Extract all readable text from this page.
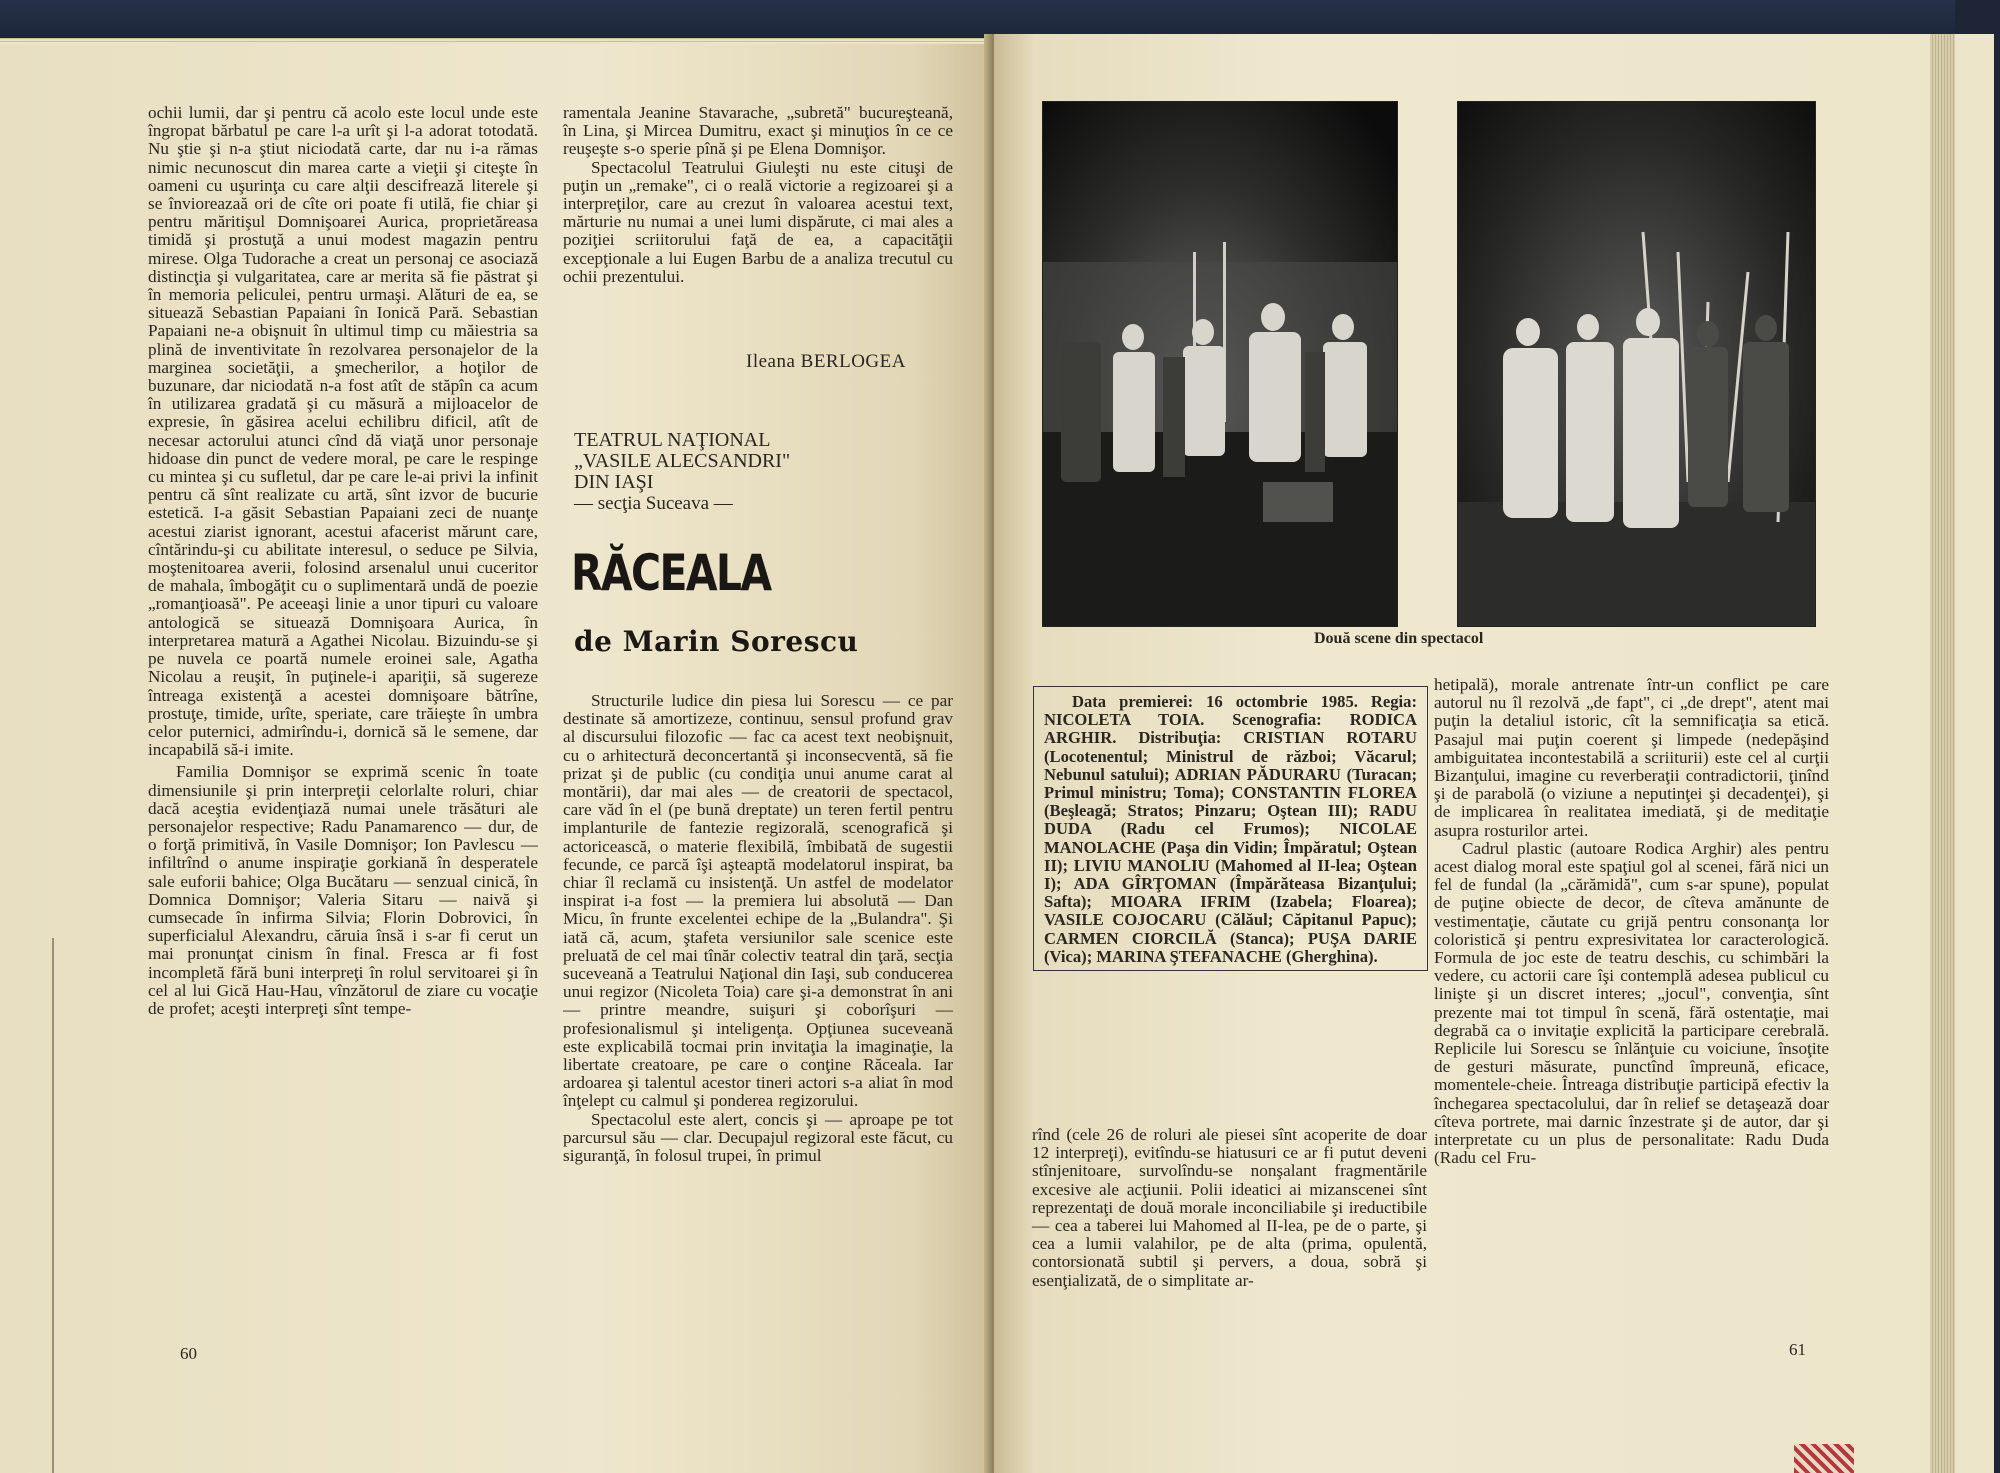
ochii lumii, dar şi pentru că acolo este locul unde este îngropat bărbatul pe care l-a urît şi l-a adorat totodată. Nu ştie şi n-a ştiut niciodată carte, dar nu i-a rămas nimic necunoscut din marea carte a vieţii şi citeşte în oameni cu uşurinţa cu care alţii descifrează literele şi se învioreazaă ori de cîte ori poate fi utilă, fie chiar şi pentru măritişul Domnişoarei Aurica, proprietăreasa timidă şi prostuţă a unui modest magazin pentru mirese. Olga Tudorache a creat un personaj ce asociază distincţia şi vulgaritatea, care ar merita să fie păstrat şi în memoria peliculei, pentru urmaşi. Alături de ea, se situează Sebastian Papaiani în Ionică Pară. Sebastian Papaiani ne-a obişnuit în ultimul timp cu măiestria sa plină de inventivitate în rezolvarea personajelor de la marginea societăţii, a şmecherilor, a hoţilor de buzunare, dar niciodată n-a fost atît de stăpîn ca acum în utilizarea gradată şi cu măsură a mijloacelor de expresie, în găsirea acelui echilibru dificil, atît de necesar actorului atunci cînd dă viaţă unor personaje hidoase din punct de vedere moral, pe care le respinge cu mintea şi cu sufletul, dar pe care le-ai privi la infinit pentru că sînt realizate cu artă, sînt izvor de bucurie estetică. I-a găsit Sebastian Papaiani zeci de nuanţe acestui ziarist ignorant, acestui afacerist mărunt care, cîntărindu-şi cu abilitate interesul, o seduce pe Silvia, moştenitoarea averii, folosind arsenalul unui cuceritor de mahala, îmbogăţit cu o suplimentară undă de poezie „romanţioasă". Pe aceeaşi linie a unor tipuri cu valoare antologică se situează Domnişoara Aurica, în interpretarea matură a Agathei Nicolau. Bizuindu-se şi pe nuvela ce poartă numele eroinei sale, Agatha Nicolau a reuşit, în puţinele-i apariţii, să sugereze întreaga existenţă a acestei domnişoare bătrîne, prostuţe, timide, urîte, speriate, care trăieşte în umbra celor puternici, admirîndu-i, dornică să le semene, dar incapabilă să-i imite.

Familia Domnişor se exprimă scenic în toate dimensiunile şi prin interpreţii celorlalte roluri, chiar dacă aceştia evidenţiază numai unele trăsături ale personajelor respective; Radu Panamarenco — dur, de o forţă primitivă, în Vasile Domnişor; Ion Pavlescu — infiltrînd o anume inspiraţie gorkiană în desperatele sale euforii bahice; Olga Bucătaru — senzual cinică, în Domnica Domnişor; Valeria Sitaru — naivă şi cumsecade în infirma Silvia; Florin Dobrovici, în superficialul Alexandru, căruia însă i s-ar fi cerut un mai pronunţat cinism în final. Fresca ar fi fost incompletă fără buni interpreţi în rolul servitoarei şi în cel al lui Gică Hau-Hau, vînzătorul de ziare cu vocaţie de profet; aceşti interpreţi sînt tempe-

ramentala Jeanine Stavarache, „subretă" bucureşteană, în Lina, şi Mircea Dumitru, exact şi minuţios în ce ce reuşeşte s-o sperie pînă şi pe Elena Domnişor.

Spectacolul Teatrului Giuleşti nu este cituşi de puţin un „remake", ci o reală victorie a regizoarei şi a interpreţilor, care au crezut în valoarea acestui text, mărturie nu numai a unei lumi dispărute, ci mai ales a poziţiei scriitorului faţă de ea, a capacităţii excepţionale a lui Eugen Barbu de a analiza trecutul cu ochii prezentului.

Ileana BERLOGEA
TEATRUL NAŢIONAL
„VASILE ALECSANDRI"
DIN IAŞI
— secţia Suceava —
RĂCEALA
de Marin Sorescu

Structurile ludice din piesa lui Sorescu — ce par destinate să amortizeze, continuu, sensul profund grav al discursului filozofic — fac ca acest text neobişnuit, cu o arhitectură deconcertantă şi inconsecventă, să fie prizat şi de public (cu condiţia unui anume carat al montării), dar mai ales — de creatorii de spectacol, care văd în el (pe bună dreptate) un teren fertil pentru implanturile de fantezie regizorală, scenografică şi actoricească, o materie flexibilă, îmbibată de sugestii fecunde, ce parcă îşi aşteaptă modelatorul inspirat, ba chiar îl reclamă cu insistenţă. Un astfel de modelator inspirat i-a fost — la premiera lui absolută — Dan Micu, în frunte excelentei echipe de la „Bulandra". Şi iată că, acum, ştafeta versiunilor sale scenice este preluată de cel mai tînăr colectiv teatral din ţară, secţia suceveană a Teatrului Naţional din Iaşi, sub conducerea unui regizor (Nicoleta Toia) care şi-a demonstrat în ani — printre meandre, suişuri şi coborîşuri — profesionalismul şi inteligenţa. Opţiunea suceveană este explicabilă tocmai prin invitaţia la imaginaţie, la libertate creatoare, pe care o conţine Răceala. Iar ardoarea şi talentul acestor tineri actori s-a aliat în mod înţelept cu calmul şi ponderea regizorului.

Spectacolul este alert, concis şi — aproape pe tot parcursul său — clar. Decupajul regizoral este făcut, cu siguranţă, în folosul trupei, în primul

60
Două scene din spectacol

Data premierei: 16 octombrie 1985. Regia: NICOLETA TOIA. Scenografia: RODICA ARGHIR. Distribuţia: CRISTIAN ROTARU (Locotenentul; Ministrul de război; Văcarul; Nebunul satului); ADRIAN PĂDURARU (Turacan; Primul ministru; Toma); CONSTANTIN FLOREA (Beşleagă; Stratos; Pinzaru; Oştean III); RADU DUDA (Radu cel Frumos); NICOLAE MANOLACHE (Paşa din Vidin; Împăratul; Oştean II); LIVIU MANOLIU (Mahomed al II-lea; Oştean I); ADA GÎRŢOMAN (Împărăteasa Bizanţului; Safta); MIOARA IFRIM (Izabela; Floarea); VASILE COJOCARU (Călăul; Căpitanul Papuc); CARMEN CIORCILĂ (Stanca); PUŞA DARIE (Vica); MARINA ŞTEFANACHE (Gherghina).

rînd (cele 26 de roluri ale piesei sînt acoperite de doar 12 interpreţi), evitîndu-se hiatusuri ce ar fi putut deveni stînjenitoare, survolîndu-se nonşalant fragmentările excesive ale acţiunii. Polii ideatici ai mizanscenei sînt reprezentaţi de două morale inconciliabile şi ireductibile — cea a taberei lui Mahomed al II-lea, pe de o parte, şi cea a lumii valahilor, pe de alta (prima, opulentă, contorsionată subtil şi pervers, a doua, sobră şi esenţializată, de o simplitate ar-

hetipală), morale antrenate într-un conflict pe care autorul nu îl rezolvă „de fapt", ci „de drept", atent mai puţin la detaliul istoric, cît la semnificaţia sa etică. Pasajul mai puţin coerent şi limpede (nedepăşind ambiguitatea incontestabilă a scriiturii) este cel al curţii Bizanţului, imagine cu reverberaţii contradictorii, ţinînd şi de parabolă (o viziune a neputinţei şi decadenţei), şi de implicarea în realitatea imediată, şi de meditaţie asupra rosturilor artei.

Cadrul plastic (autoare Rodica Arghir) ales pentru acest dialog moral este spaţiul gol al scenei, fără nici un fel de fundal (la „cărămidă", cum s-ar spune), populat de puţine obiecte de decor, de cîteva amănunte de vestimentaţie, căutate cu grijă pentru consonanţa lor coloristică şi pentru expresivitatea lor caracterologică. Formula de joc este de teatru deschis, cu schimbări la vedere, cu actorii care îşi contemplă adesea publicul cu linişte şi un discret interes; „jocul", convenţia, sînt prezente mai tot timpul în scenă, fără ostentaţie, mai degrabă ca o invitaţie explicită la participare cerebrală. Replicile lui Sorescu se înlănţuie cu voiciune, însoţite de gesturi măsurate, punctînd împreună, eficace, momentele-cheie. Întreaga distribuţie participă efectiv la închegarea spectacolului, dar în relief se detaşează doar cîteva portrete, mai darnic înzestrate şi de autor, dar şi interpretate cu un plus de personalitate: Radu Duda (Radu cel Fru-

61
